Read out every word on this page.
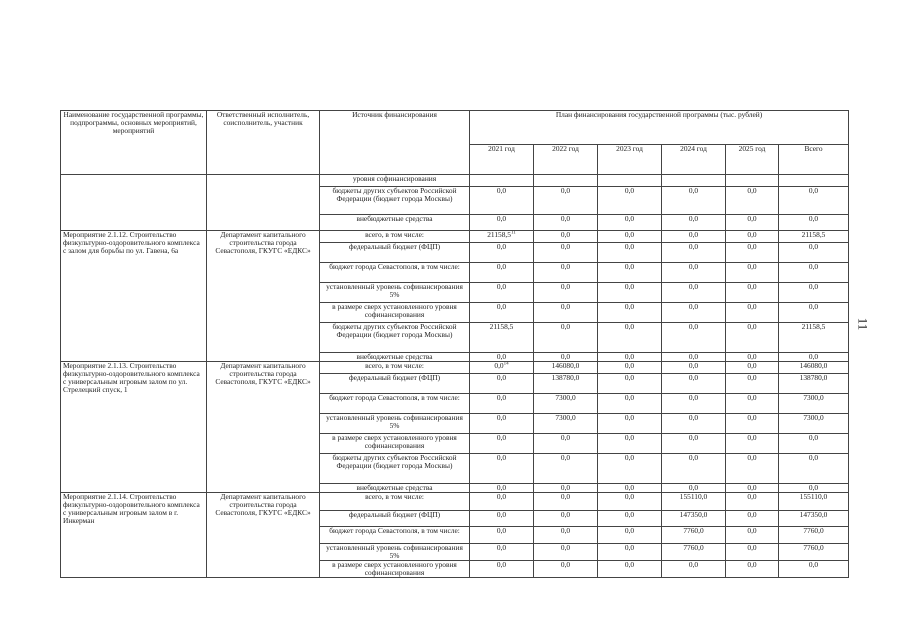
11
Наименование государственной программы, подпрограммы, основных мероприятий, мероприятий	Ответственный исполнитель, соисполнитель, участник	Источник финансирования	План финансирования государственной программы (тыс. рублей)					
			2021 год	2022 год	2023 год	2024 год	2025 год	Всего
		уровня софинансирования						
		бюджеты других субъектов Российской Федерации (бюджет города Москвы)	0,0	0,0	0,0	0,0	0,0	0,0
		внебюджетные средства	0,0	0,0	0,0	0,0	0,0	0,0
Мероприятие 2.1.12. Строительство физкультурно-оздоровительного комплекса с залом для борьбы по ул. Гавена, 6а	Департамент капитального строительства города Севастополя, ГКУГС «ЕДКС»	всего, в том числе:	21158,5$^{11}$	0,0	0,0	0,0	0,0	21158,5
		федеральный бюджет (ФЦП)	0,0	0,0	0,0	0,0	0,0	0,0
		бюджет города Севастополя, в том числе:	0,0	0,0	0,0	0,0	0,0	0,0
		установленный уровень софинансирования 5%	0,0	0,0	0,0	0,0	0,0	0,0
		в размере сверх установленного уровня софинансирования	0,0	0,0	0,0	0,0	0,0	0,0
		бюджеты других субъектов Российской Федерации (бюджет города Москвы)	21158,5	0,0	0,0	0,0	0,0	21158,5
		внебюджетные средства	0,0	0,0	0,0	0,0	0,0	0,0
Мероприятие 2.1.13. Строительство физкультурно-оздоровительного комплекса с универсальным игровым залом по ул. Стрелецкий спуск, 1	Департамент капитального строительства города Севастополя, ГКУГС «ЕДКС»	всего, в том числе:	$0,0^{14}$	146080,0	0,0	0,0	0,0	146080,0
		федеральный бюджет (ФЦП)	0,0	138780,0	0,0	0,0	0,0	138780,0
		бюджет города Севастополя, в том числе:	0,0	7300,0	0,0	0,0	0,0	7300,0
		установленный уровень софинансирования 5%	0,0	7300,0	0,0	0,0	0,0	7300,0
		в размере сверх установленного уровня софинансирования	0,0	0,0	0,0	0,0	0,0	0,0
		бюджеты других субъектов Российской Федерации (бюджет города Москвы)	0,0	0,0	0,0	0,0	0,0	0,0
		внебюджетные средства	0,0	0,0	0,0	0,0	0,0	0,0
Мероприятие 2.1.14. Строительство физкультурно-оздоровительного комплекса с универсальным игровым залом в г. Инкерман	Департамент капитального строительства города Севастополя, ГКУГС «ЕДКС»	всего, в том числе:	0,0	0,0	0,0	155110,0	0,0	155110,0
		федеральный бюджет (ФЦП)	0,0	0,0	0,0	147350,0	0,0	147350,0
		бюджет города Севастополя, в том числе:	0,0	0,0	0,0	7760,0	0,0	7760,0
		установленный уровень софинансирования 5%	0,0	0,0	0,0	7760,0	0,0	7760,0
		в размере сверх установленного уровня софинансирования	0,0	0,0	0,0	0,0	0,0	0,0
